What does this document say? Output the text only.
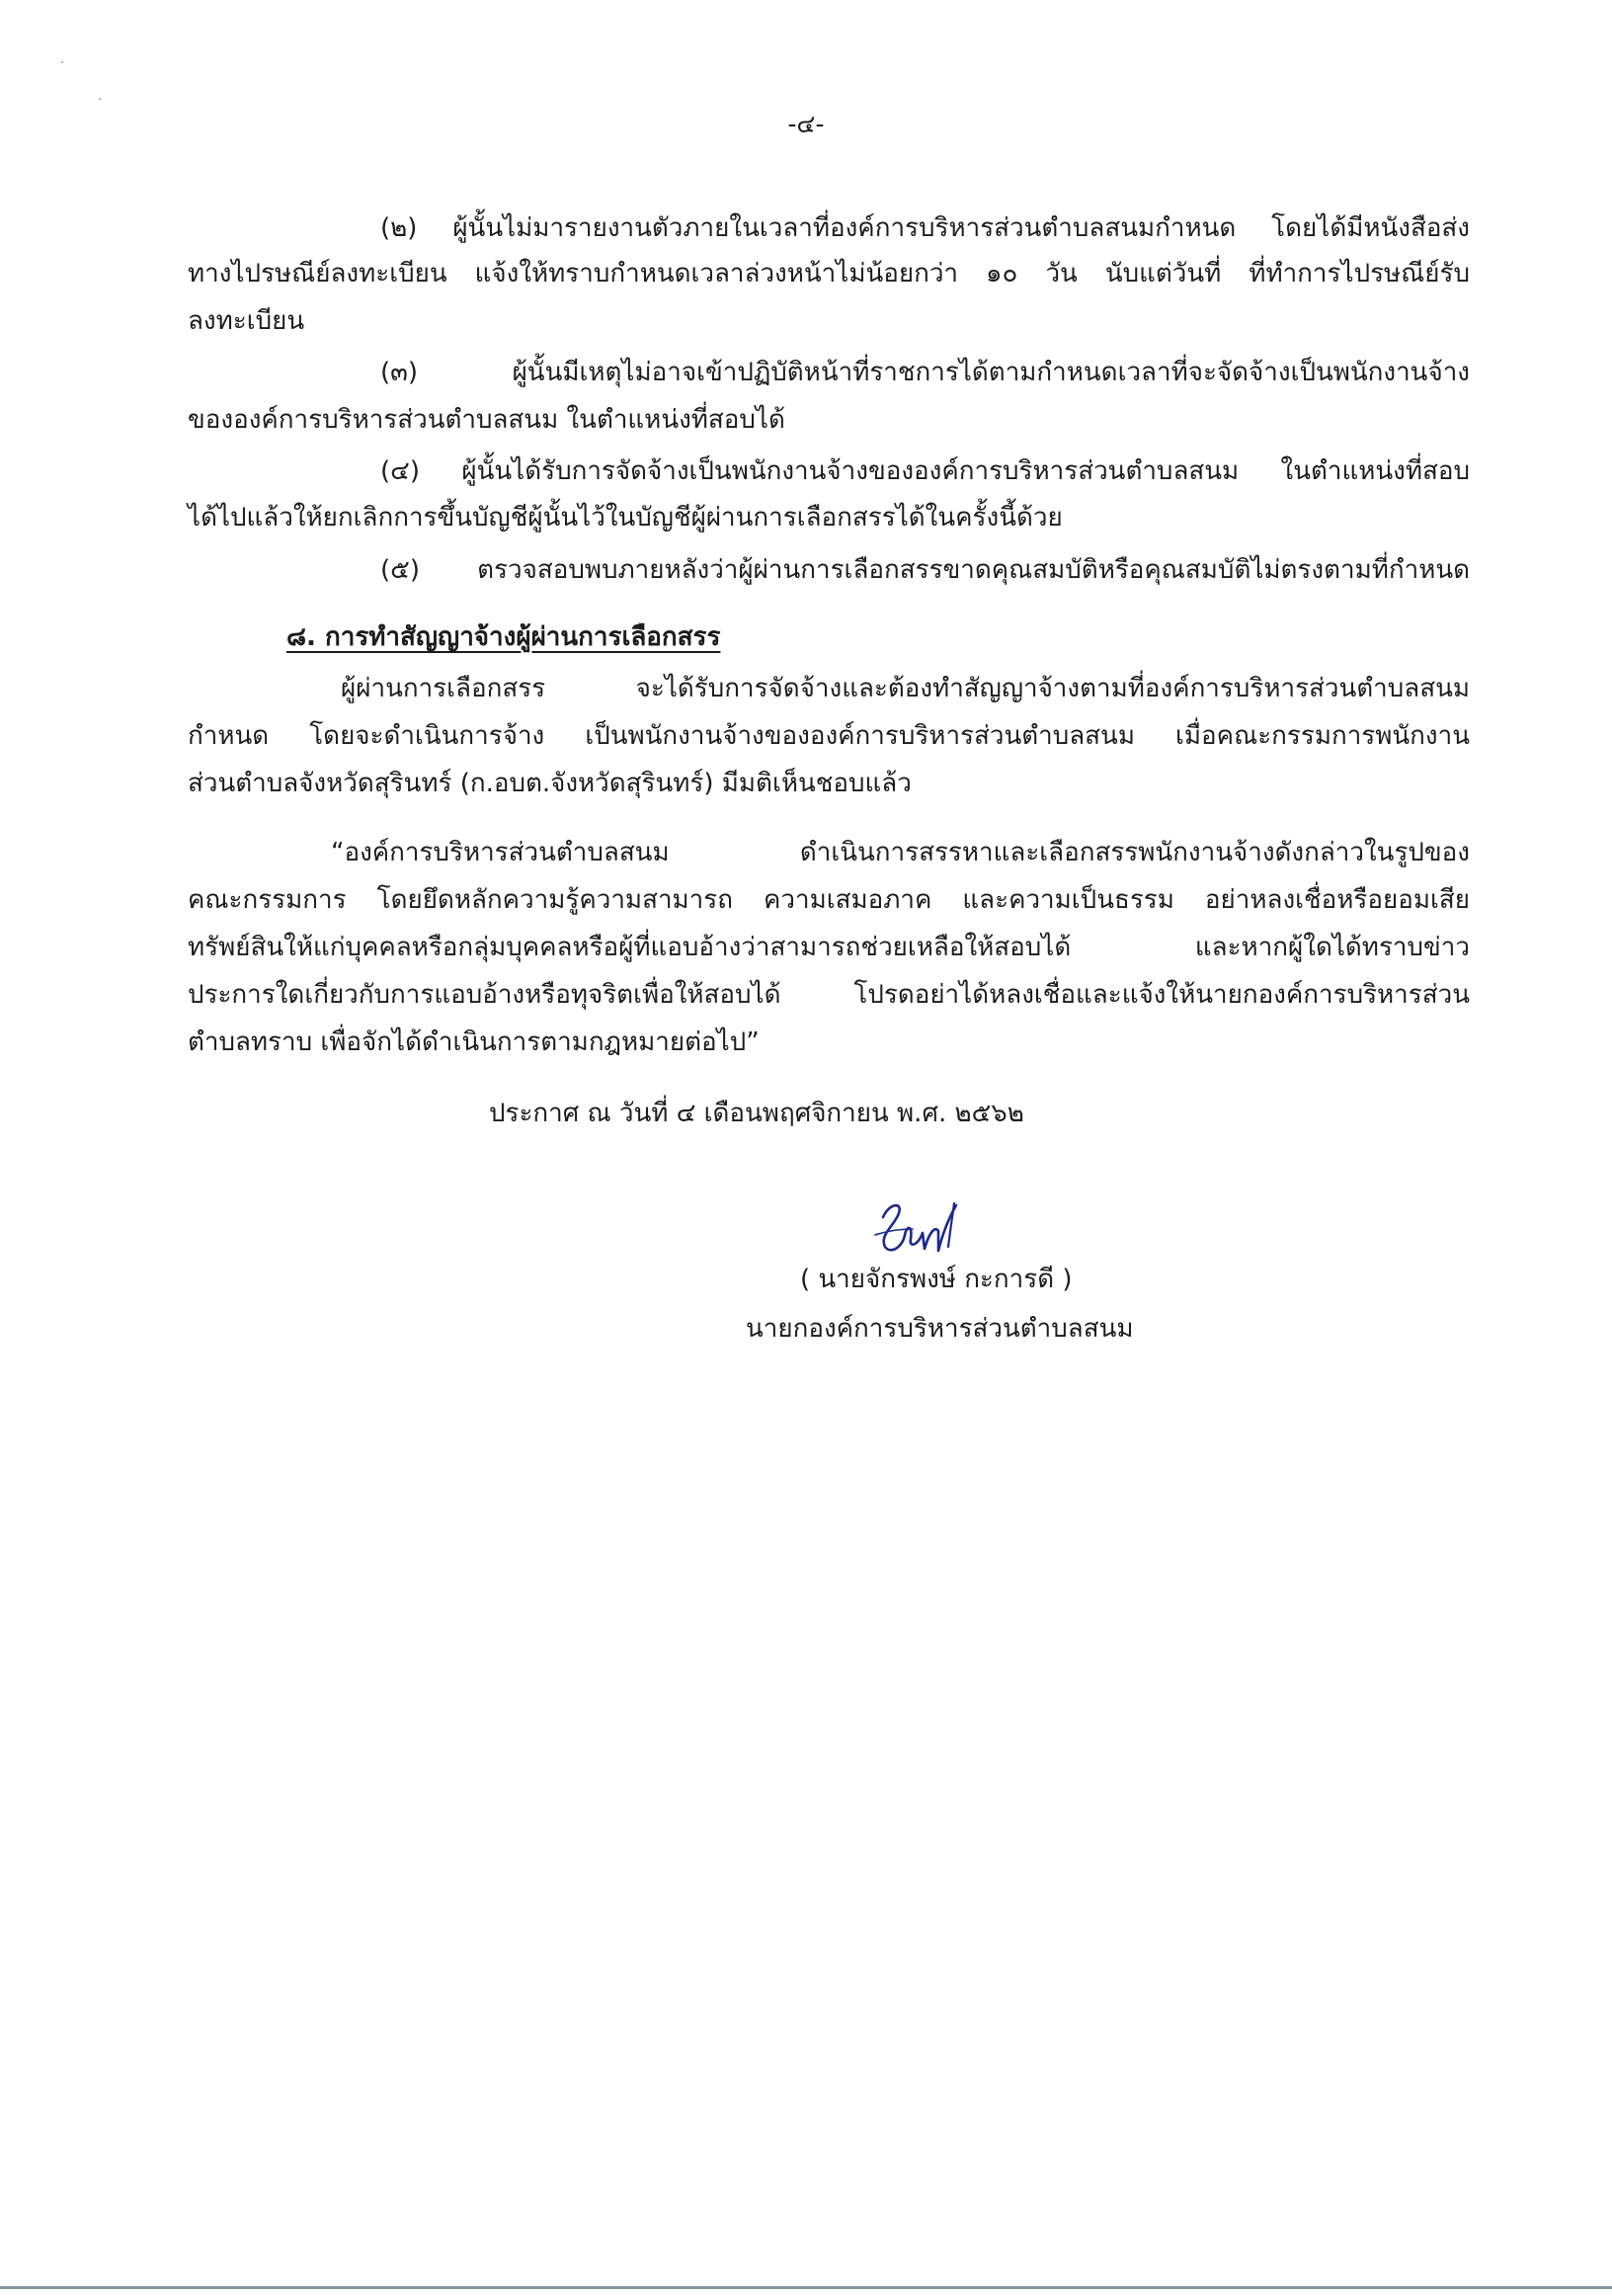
-๔-
(๒) ผู้นั้นไม่มารายงานตัวภายในเวลาที่องค์การบริหารส่วนตำบลสนมกำหนด โดยได้มีหนังสือส่ง
ทางไปรษณีย์ลงทะเบียน แจ้งให้ทราบกำหนดเวลาล่วงหน้าไม่น้อยกว่า ๑๐ วัน นับแต่วันที่ ที่ทำการไปรษณีย์รับ
ลงทะเบียน
(๓) ผู้นั้นมีเหตุไม่อาจเข้าปฏิบัติหน้าที่ราชการได้ตามกำหนดเวลาที่จะจัดจ้างเป็นพนักงานจ้าง
ขององค์การบริหารส่วนตำบลสนม ในตำแหน่งที่สอบได้
(๔) ผู้นั้นได้รับการจัดจ้างเป็นพนักงานจ้างขององค์การบริหารส่วนตำบลสนม ในตำแหน่งที่สอบ
ได้ไปแล้วให้ยกเลิกการขึ้นบัญชีผู้นั้นไว้ในบัญชีผู้ผ่านการเลือกสรรได้ในครั้งนี้ด้วย
(๕) ตรวจสอบพบภายหลังว่าผู้ผ่านการเลือกสรรขาดคุณสมบัติหรือคุณสมบัติไม่ตรงตามที่กำหนด
๘. การทำสัญญาจ้างผู้ผ่านการเลือกสรร
ผู้ผ่านการเลือกสรร จะได้รับการจัดจ้างและต้องทำสัญญาจ้างตามที่องค์การบริหารส่วนตำบลสนม
กำหนด โดยจะดำเนินการจ้าง เป็นพนักงานจ้างขององค์การบริหารส่วนตำบลสนม เมื่อคณะกรรมการพนักงาน
ส่วนตำบลจังหวัดสุรินทร์ (ก.อบต.จังหวัดสุรินทร์) มีมติเห็นชอบแล้ว
“องค์การบริหารส่วนตำบลสนม ดำเนินการสรรหาและเลือกสรรพนักงานจ้างดังกล่าวในรูปของ
คณะกรรมการ โดยยึดหลักความรู้ความสามารถ ความเสมอภาค และความเป็นธรรม อย่าหลงเชื่อหรือยอมเสีย
ทรัพย์สินให้แก่บุคคลหรือกลุ่มบุคคลหรือผู้ที่แอบอ้างว่าสามารถช่วยเหลือให้สอบได้ และหากผู้ใดได้ทราบข่าว
ประการใดเกี่ยวกับการแอบอ้างหรือทุจริตเพื่อให้สอบได้ โปรดอย่าได้หลงเชื่อและแจ้งให้นายกองค์การบริหารส่วน
ตำบลทราบ เพื่อจักได้ดำเนินการตามกฎหมายต่อไป”
ประกาศ ณ วันที่ ๔ เดือนพฤศจิกายน พ.ศ. ๒๕๖๒
( นายจักรพงษ์ กะการดี )
นายกองค์การบริหารส่วนตำบลสนม
